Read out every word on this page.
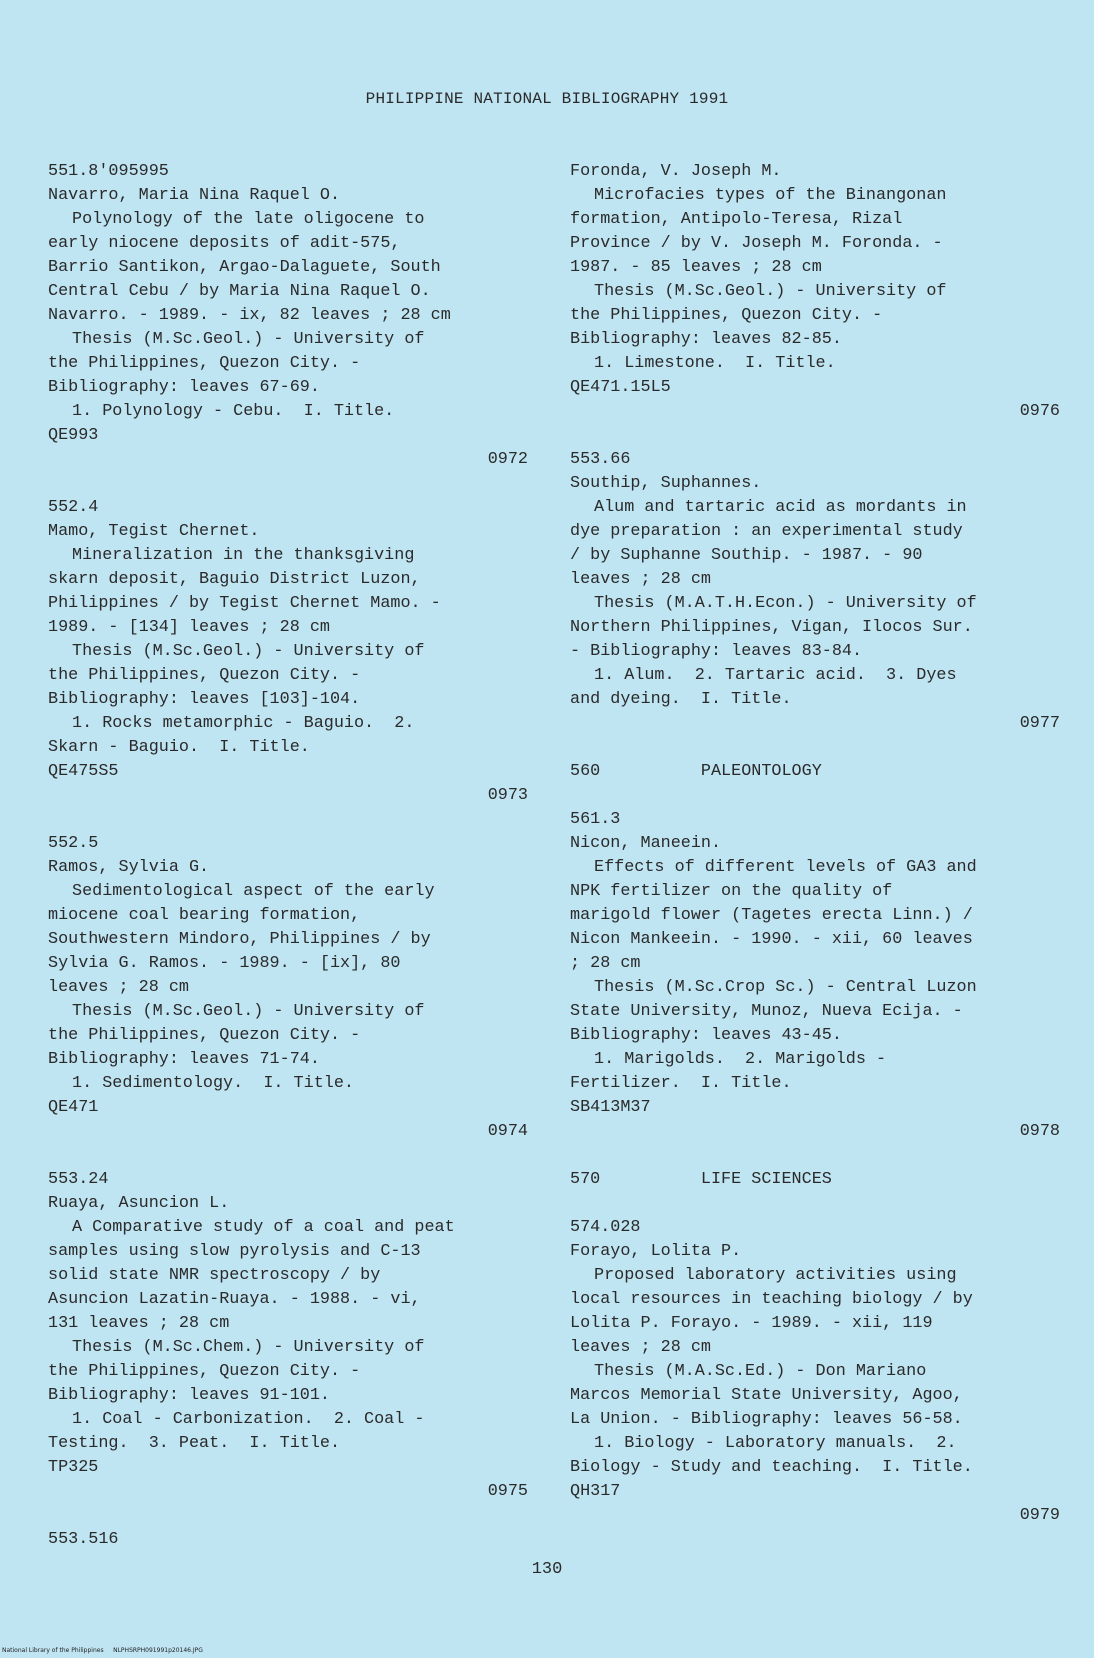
PHILIPPINE NATIONAL BIBLIOGRAPHY 1991
551.8'095995
Navarro, Maria Nina Raquel O.
Polynology of the late oligocene to
early niocene deposits of adit-575,
Barrio Santikon, Argao-Dalaguete, South
Central Cebu / by Maria Nina Raquel O.
Navarro. - 1989. - ix, 82 leaves ; 28 cm
Thesis (M.Sc.Geol.) - University of
the Philippines, Quezon City. -
Bibliography: leaves 67-69.
1. Polynology - Cebu.  I. Title.
QE993
0972
552.4
Mamo, Tegist Chernet.
Mineralization in the thanksgiving
skarn deposit, Baguio District Luzon,
Philippines / by Tegist Chernet Mamo. -
1989. - [134] leaves ; 28 cm
Thesis (M.Sc.Geol.) - University of
the Philippines, Quezon City. -
Bibliography: leaves [103]-104.
1. Rocks metamorphic - Baguio.  2.
Skarn - Baguio.  I. Title.
QE475S5
0973
552.5
Ramos, Sylvia G.
Sedimentological aspect of the early
miocene coal bearing formation,
Southwestern Mindoro, Philippines / by
Sylvia G. Ramos. - 1989. - [ix], 80
leaves ; 28 cm
Thesis (M.Sc.Geol.) - University of
the Philippines, Quezon City. -
Bibliography: leaves 71-74.
1. Sedimentology.  I. Title.
QE471
0974
553.24
Ruaya, Asuncion L.
A Comparative study of a coal and peat
samples using slow pyrolysis and C-13
solid state NMR spectroscopy / by
Asuncion Lazatin-Ruaya. - 1988. - vi,
131 leaves ; 28 cm
Thesis (M.Sc.Chem.) - University of
the Philippines, Quezon City. -
Bibliography: leaves 91-101.
1. Coal - Carbonization.  2. Coal -
Testing.  3. Peat.  I. Title.
TP325
0975
553.516
Foronda, V. Joseph M.
Microfacies types of the Binangonan
formation, Antipolo-Teresa, Rizal
Province / by V. Joseph M. Foronda. -
1987. - 85 leaves ; 28 cm
Thesis (M.Sc.Geol.) - University of
the Philippines, Quezon City. -
Bibliography: leaves 82-85.
1. Limestone.  I. Title.
QE471.15L5
0976
553.66
Southip, Suphannes.
Alum and tartaric acid as mordants in
dye preparation : an experimental study
/ by Suphanne Southip. - 1987. - 90
leaves ; 28 cm
Thesis (M.A.T.H.Econ.) - University of
Northern Philippines, Vigan, Ilocos Sur.
- Bibliography: leaves 83-84.
1. Alum.  2. Tartaric acid.  3. Dyes
and dyeing.  I. Title.
0977
560          PALEONTOLOGY
561.3
Nicon, Maneein.
Effects of different levels of GA3 and
NPK fertilizer on the quality of
marigold flower (Tagetes erecta Linn.) /
Nicon Mankeein. - 1990. - xii, 60 leaves
; 28 cm
Thesis (M.Sc.Crop Sc.) - Central Luzon
State University, Munoz, Nueva Ecija. -
Bibliography: leaves 43-45.
1. Marigolds.  2. Marigolds -
Fertilizer.  I. Title.
SB413M37
0978
570          LIFE SCIENCES
574.028
Forayo, Lolita P.
Proposed laboratory activities using
local resources in teaching biology / by
Lolita P. Forayo. - 1989. - xii, 119
leaves ; 28 cm
Thesis (M.A.Sc.Ed.) - Don Mariano
Marcos Memorial State University, Agoo,
La Union. - Bibliography: leaves 56-58.
1. Biology - Laboratory manuals.  2.
Biology - Study and teaching.  I. Title.
QH317
0979
130
National Library of the Philippines     NLPHSRPH091991p20146.JPG
